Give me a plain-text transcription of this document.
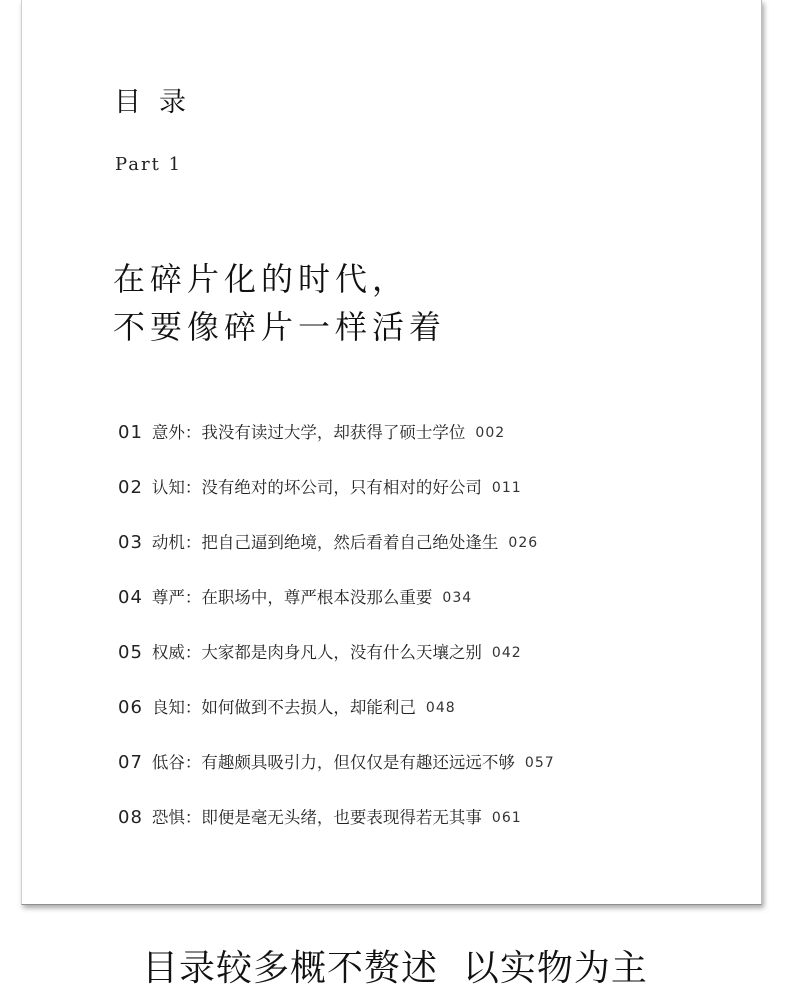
目录
Part 1
在碎片化的时代，
不要像碎片一样活着
01 意外：我没有读过大学，却获得了硕士学位 002
02 认知：没有绝对的坏公司，只有相对的好公司 011
03 动机：把自己逼到绝境，然后看着自己绝处逢生 026
04 尊严：在职场中，尊严根本没那么重要 034
05 权威：大家都是肉身凡人，没有什么天壤之别 042
06 良知：如何做到不去损人，却能利己 048
07 低谷：有趣颇具吸引力，但仅仅是有趣还远远不够 057
08 恐惧：即便是毫无头绪，也要表现得若无其事 061
目录较多概不赘述  以实物为主
